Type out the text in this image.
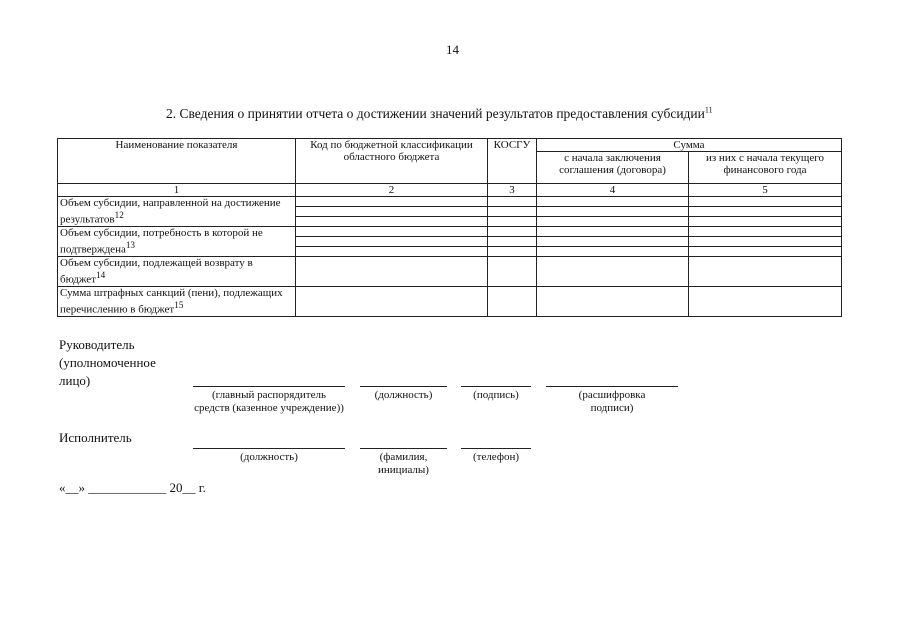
14
2. Сведения о принятии отчета о достижении значений результатов предоставления субсидии$^{11}$
Наименование показателя	Код по бюджетной классификации областного бюджета	КОСГУ	Сумма	
			с начала заключения соглашения (договора)	из них с начала текущего финансового года
1	2	3	4	5
Объем субсидии, направленной на достижение результатов$^{12}$				

Объем субсидии, потребность в которой не подтверждена$^{13}$				

Объем субсидии, подлежащей возврату в бюджет$^{14}$				
Сумма штрафных санкций (пени), подлежащих перечислению в бюджет$^{15}$				
Руководитель (уполномоченное лицо)
(главный распорядитель средств (казенное учреждение))
(должность)	(подпись)	(расшифровка подписи)
Исполнитель
(должность)	(фамилия, инициалы)
(телефон)
«__» ____________ 20__ г.
